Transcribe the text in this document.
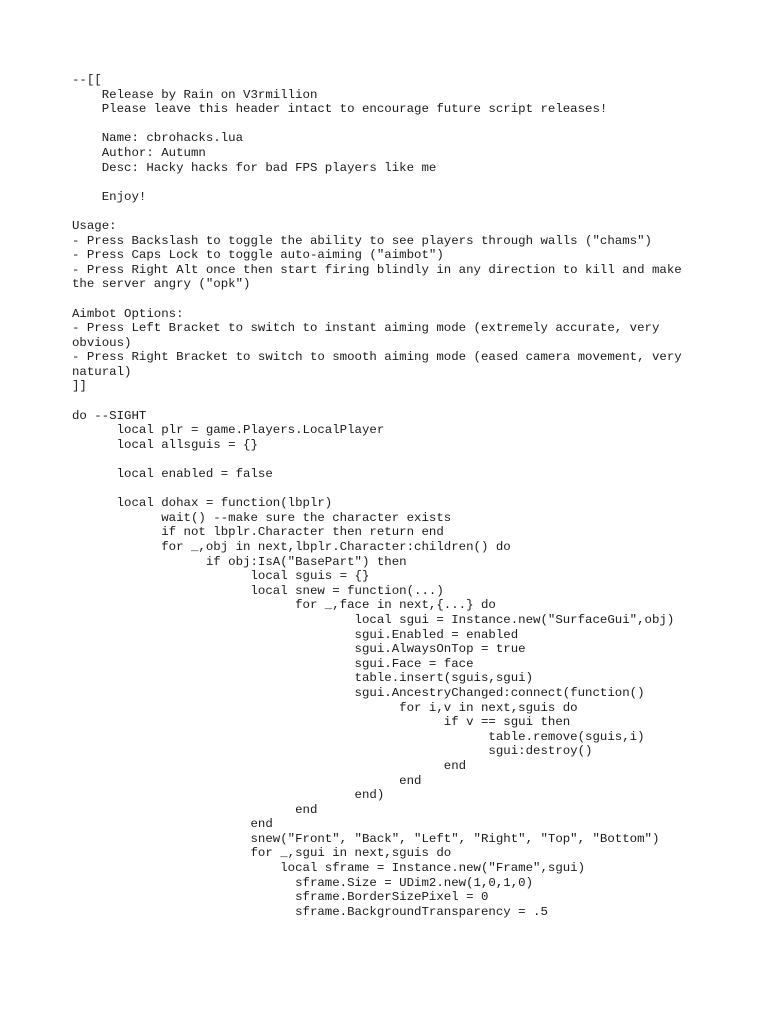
--[[
Release by Rain on V3rmillion
Please leave this header intact to encourage future script releases!
Name: cbrohacks.lua
Author: Autumn
Desc: Hacky hacks for bad FPS players like me
Enjoy!
Usage:
- Press Backslash to toggle the ability to see players through walls ("chams")
- Press Caps Lock to toggle auto-aiming ("aimbot")
- Press Right Alt once then start firing blindly in any direction to kill and make
the server angry ("opk")
Aimbot Options:
- Press Left Bracket to switch to instant aiming mode (extremely accurate, very
obvious)
- Press Right Bracket to switch to smooth aiming mode (eased camera movement, very
natural)
]]
do --SIGHT
local plr = game.Players.LocalPlayer
local allsguis = {}
local enabled = false
local dohax = function(lbplr)
wait() --make sure the character exists
if not lbplr.Character then return end
for _,obj in next,lbplr.Character:children() do
if obj:IsA("BasePart") then
local sguis = {}
local snew = function(...)
for _,face in next,{...} do
local sgui = Instance.new("SurfaceGui",obj)
sgui.Enabled = enabled
sgui.AlwaysOnTop = true
sgui.Face = face
table.insert(sguis,sgui)
sgui.AncestryChanged:connect(function()
for i,v in next,sguis do
if v == sgui then
table.remove(sguis,i)
sgui:destroy()
end
end
end)
end
end
snew("Front", "Back", "Left", "Right", "Top", "Bottom")
for _,sgui in next,sguis do
local sframe = Instance.new("Frame",sgui)
sframe.Size = UDim2.new(1,0,1,0)
sframe.BorderSizePixel = 0
sframe.BackgroundTransparency = .5
